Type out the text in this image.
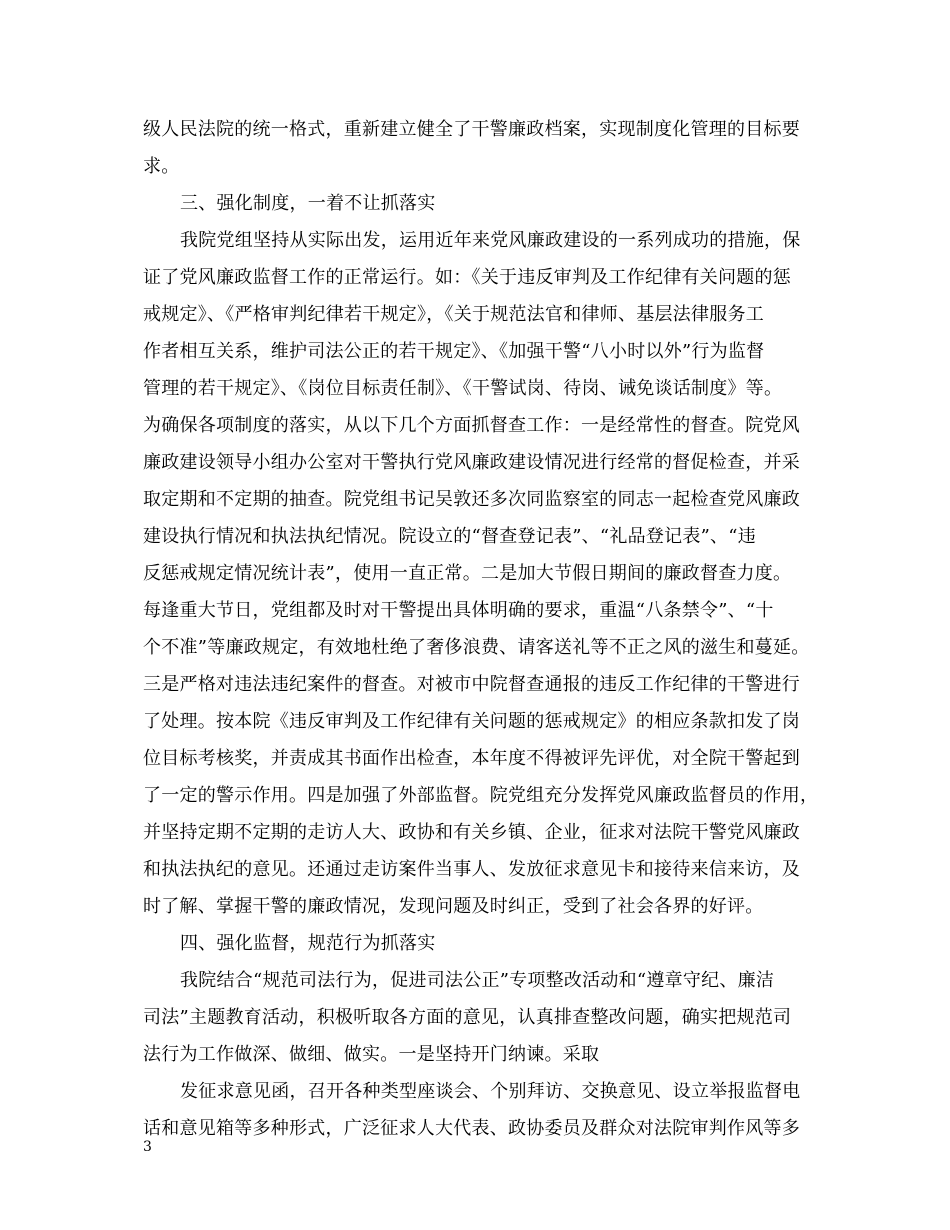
级人民法院的统一格式，重新建立健全了干警廉政档案，实现制度化管理的目标要
求。
三、强化制度，一着不让抓落实
我院党组坚持从实际出发，运用近年来党风廉政建设的一系列成功的措施，保
证了党风廉政监督工作的正常运行。如：《关于违反审判及工作纪律有关问题的惩
戒规定》、《严格审判纪律若干规定》，《关于规范法官和律师、基层法律服务工
作者相互关系，维护司法公正的若干规定》、《加强干警“八小时以外”行为监督
管理的若干规定》、《岗位目标责任制》、《干警试岗、待岗、诫免谈话制度》等。
为确保各项制度的落实，从以下几个方面抓督查工作：一是经常性的督查。院党风
廉政建设领导小组办公室对干警执行党风廉政建设情况进行经常的督促检查，并采
取定期和不定期的抽查。院党组书记吴敦还多次同监察室的同志一起检查党风廉政
建设执行情况和执法执纪情况。院设立的“督查登记表”、“礼品登记表”、“违
反惩戒规定情况统计表”，使用一直正常。二是加大节假日期间的廉政督查力度。
每逢重大节日，党组都及时对干警提出具体明确的要求，重温“八条禁令”、“十
个不准”等廉政规定，有效地杜绝了奢侈浪费、请客送礼等不正之风的滋生和蔓延。
三是严格对违法违纪案件的督查。对被市中院督查通报的违反工作纪律的干警进行
了处理。按本院《违反审判及工作纪律有关问题的惩戒规定》的相应条款扣发了岗
位目标考核奖，并责成其书面作出检查，本年度不得被评先评优，对全院干警起到
了一定的警示作用。四是加强了外部监督。院党组充分发挥党风廉政监督员的作用，
并坚持定期不定期的走访人大、政协和有关乡镇、企业，征求对法院干警党风廉政
和执法执纪的意见。还通过走访案件当事人、发放征求意见卡和接待来信来访，及
时了解、掌握干警的廉政情况，发现问题及时纠正，受到了社会各界的好评。
四、强化监督，规范行为抓落实
我院结合“规范司法行为，促进司法公正”专项整改活动和“遵章守纪、廉洁
司法”主题教育活动，积极听取各方面的意见，认真排查整改问题，确实把规范司
法行为工作做深、做细、做实。一是坚持开门纳谏。采取
发征求意见函，召开各种类型座谈会、个别拜访、交换意见、设立举报监督电
话和意见箱等多种形式，广泛征求人大代表、政协委员及群众对法院审判作风等多
3
